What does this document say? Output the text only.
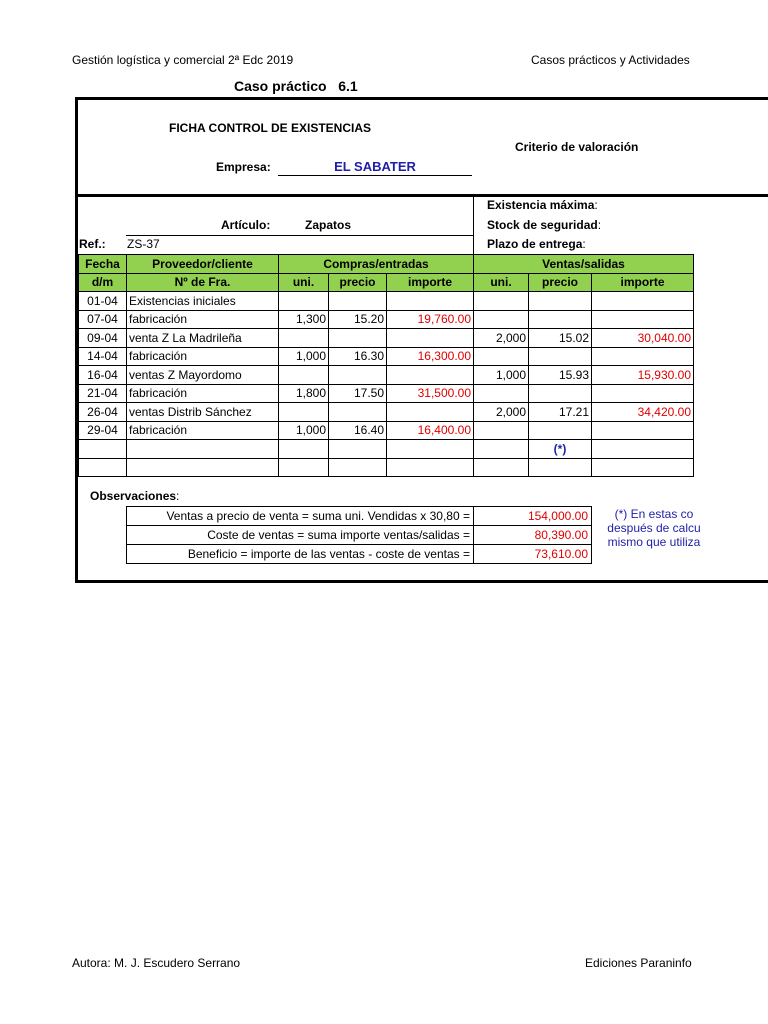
Gestión logística y comercial 2ª Edc 2019	Casos prácticos y Actividades
Caso práctico   6.1
FICHA CONTROL DE EXISTENCIAS
Criterio de valoración
Empresa:	EL SABATER
Artículo:	Zapatos
Existencia máxima:
Stock de seguridad:
Plazo de entrega:
Ref.: ZS-37
Fecha	Proveedor/cliente	Compras/entradas			Ventas/salidas		
d/m	Nº de Fra.	uni.	precio	importe	uni.	precio	importe
01-04	Existencias iniciales						
07-04	fabricación	1,300	15.20	19,760.00			
09-04	venta Z La Madrileña				2,000	15.02	30,040.00
14-04	fabricación	1,000	16.30	16,300.00			
16-04	ventas Z Mayordomo				1,000	15.93	15,930.00
21-04	fabricación	1,800	17.50	31,500.00			
26-04	ventas Distrib Sánchez				2,000	17.21	34,420.00
29-04	fabricación	1,000	16.40	16,400.00			
						(*)	

Observaciones:
Ventas a precio de venta = suma uni. Vendidas x 30,80 =	154,000.00
Coste de ventas = suma importe ventas/salidas =	80,390.00
Beneficio = importe de las ventas - coste de ventas =	73,610.00
(*) En estas co
después de calcu
mismo que utiliza
Autora: M. J. Escudero Serrano	Ediciones Paraninfo
